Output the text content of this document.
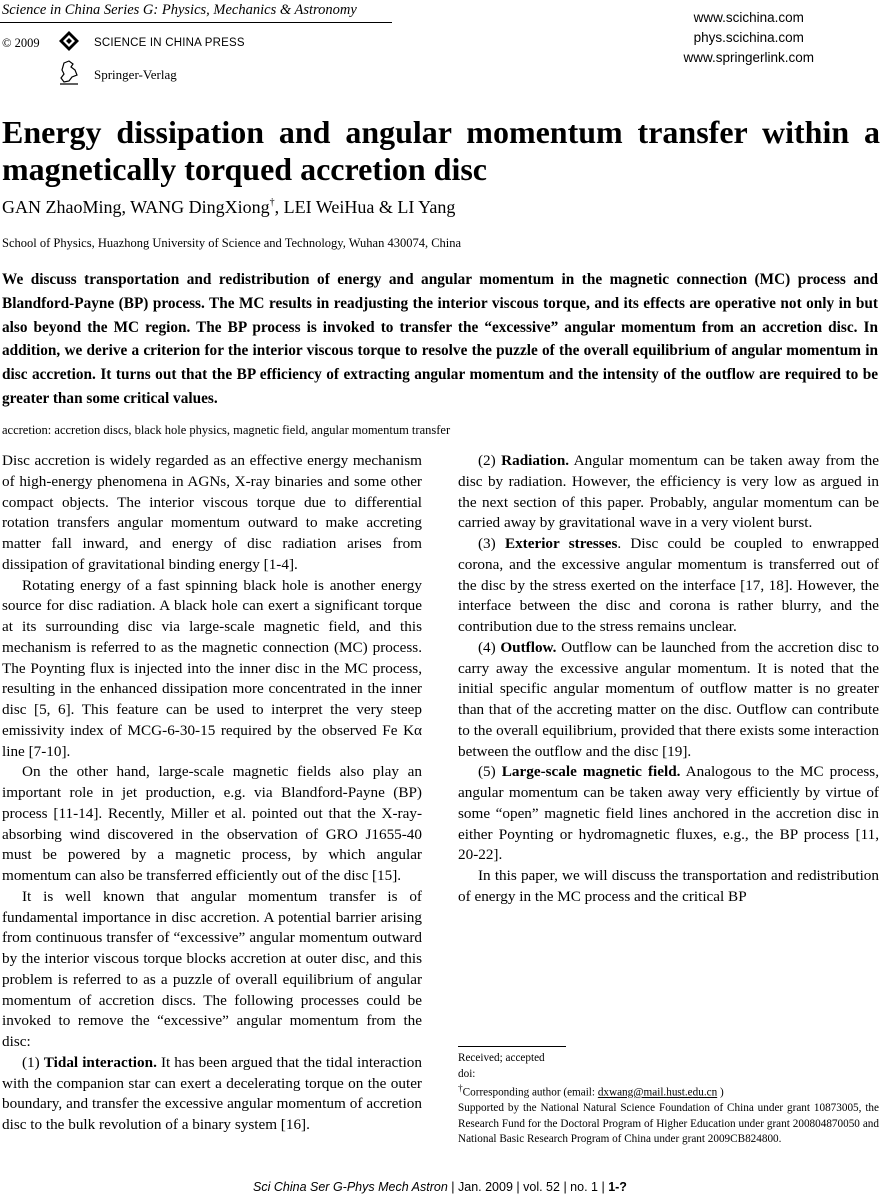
Science in China Series G: Physics, Mechanics & Astronomy
© 2009	SCIENCE IN CHINA PRESS
Springer-Verlag
www.scichina.com
phys.scichina.com
www.springerlink.com
Energy dissipation and angular momentum transfer within a magnetically torqued accretion disc
GAN ZhaoMing, WANG DingXiong†, LEI WeiHua & LI Yang
School of Physics, Huazhong University of Science and Technology, Wuhan 430074, China

We discuss transportation and redistribution of energy and angular momentum in the magnetic connection (MC) process and Blandford-Payne (BP) process. The MC results in readjusting the interior viscous torque, and its effects are operative not only in but also beyond the MC region. The BP process is invoked to transfer the “excessive” angular momentum from an accretion disc. In addition, we derive a criterion for the interior viscous torque to resolve the puzzle of the overall equilibrium of angular momentum in disc accretion. It turns out that the BP efficiency of extracting angular momentum and the intensity of the outflow are required to be greater than some critical values.

accretion: accretion discs, black hole physics, magnetic field, angular momentum transfer

Disc accretion is widely regarded as an effective energy mechanism of high-energy phenomena in AGNs, X-ray binaries and some other compact objects. The interior viscous torque due to differential rotation transfers angular momentum outward to make accreting matter fall inward, and energy of disc radiation arises from dissipation of gravitational binding energy [1-4].

Rotating energy of a fast spinning black hole is another energy source for disc radiation. A black hole can exert a significant torque at its surrounding disc via large-scale magnetic field, and this mechanism is referred to as the magnetic connection (MC) process. The Poynting flux is injected into the inner disc in the MC process, resulting in the enhanced dissipation more concentrated in the inner disc [5, 6]. This feature can be used to interpret the very steep emissivity index of MCG-6-30-15 required by the observed Fe Kα line [7-10].

On the other hand, large-scale magnetic fields also play an important role in jet production, e.g. via Blandford-Payne (BP) process [11-14]. Recently, Miller et al. pointed out that the X-ray-absorbing wind discovered in the observation of GRO J1655-40 must be powered by a magnetic process, by which angular momentum can also be transferred efficiently out of the disc [15].

It is well known that angular momentum transfer is of fundamental importance in disc accretion. A potential barrier arising from continuous transfer of “excessive” angular momentum outward by the interior viscous torque blocks accretion at outer disc, and this problem is referred to as a puzzle of overall equilibrium of angular momentum of accretion discs. The following processes could be invoked to remove the “excessive” angular momentum from the disc:

(1) Tidal interaction. It has been argued that the tidal interaction with the companion star can exert a decelerating torque on the outer boundary, and transfer the excessive angular momentum of accretion disc to the bulk revolution of a binary system [16].

(2) Radiation. Angular momentum can be taken away from the disc by radiation. However, the efficiency is very low as argued in the next section of this paper. Probably, angular momentum can be carried away by gravitational wave in a very violent burst.

(3) Exterior stresses. Disc could be coupled to enwrapped corona, and the excessive angular momentum is transferred out of the disc by the stress exerted on the interface [17, 18]. However, the interface between the disc and corona is rather blurry, and the contribution due to the stress remains unclear.

(4) Outflow. Outflow can be launched from the accretion disc to carry away the excessive angular momentum. It is noted that the initial specific angular momentum of outflow matter is no greater than that of the accreting matter on the disc. Outflow can contribute to the overall equilibrium, provided that there exists some interaction between the outflow and the disc [19].

(5) Large-scale magnetic field. Analogous to the MC process, angular momentum can be taken away very efficiently by virtue of some “open” magnetic field lines anchored in the accretion disc in either Poynting or hydromagnetic fluxes, e.g., the BP process [11, 20-22].

In this paper, we will discuss the transportation and redistribution of energy in the MC process and the critical BP

Received; accepted
doi:
†Corresponding author (email: dxwang@mail.hust.edu.cn )
Supported by the National Natural Science Foundation of China under grant 10873005, the Research Fund for the Doctoral Program of Higher Education under grant 200804870050 and National Basic Research Program of China under grant 2009CB824800.
Sci China Ser G-Phys Mech Astron | Jan. 2009 | vol. 52 | no. 1 | 1-?
